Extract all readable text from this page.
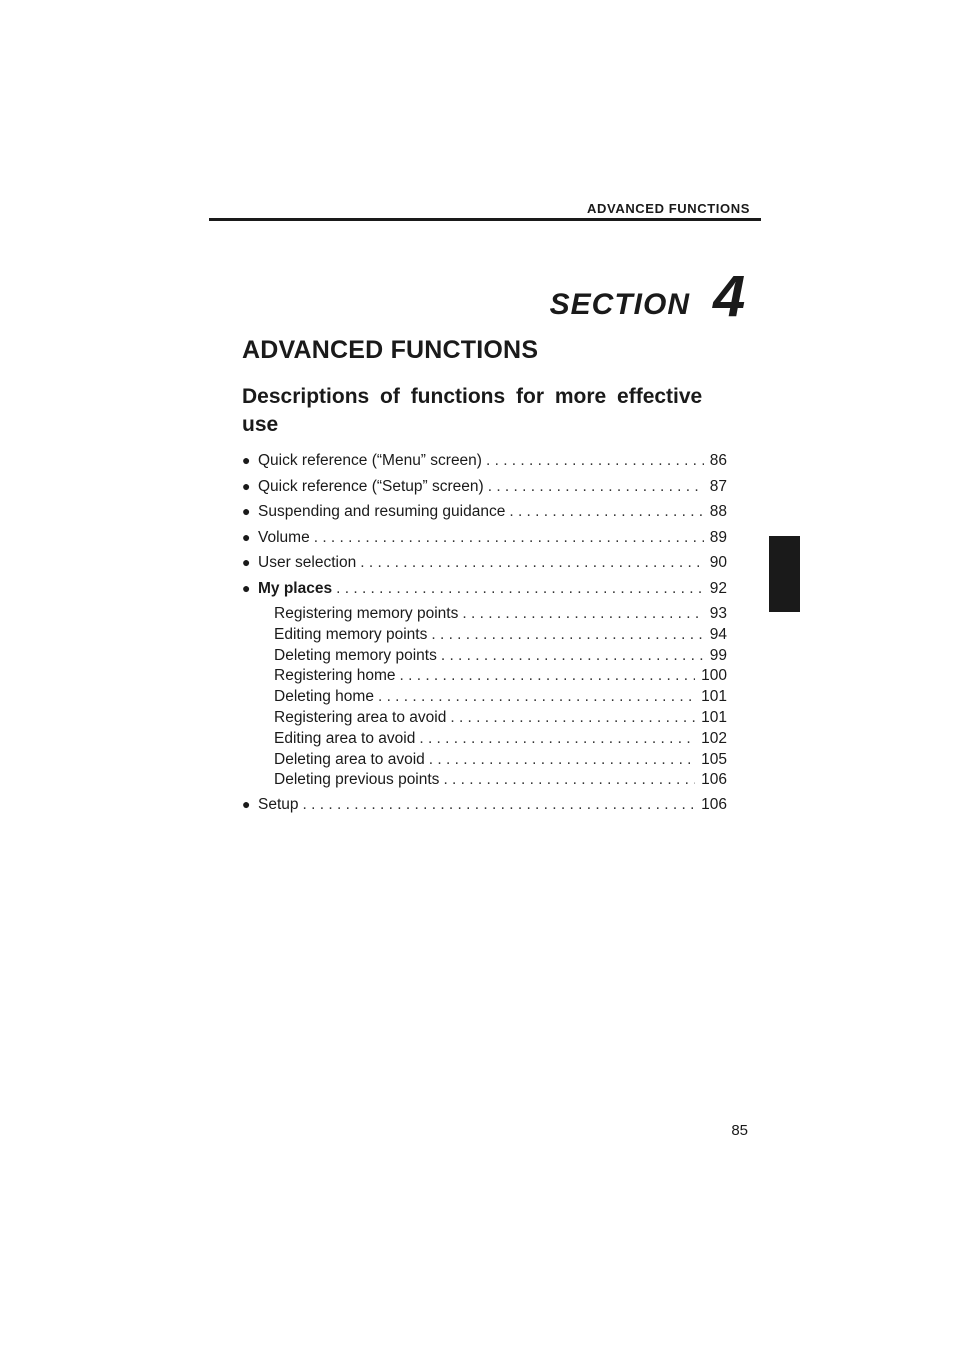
ADVANCED FUNCTIONS
SECTION 4
ADVANCED FUNCTIONS
Descriptions of functions for more effective use
● Quick reference (“Menu” screen) . . .	86
● Quick reference (“Setup” screen) . . .	87
● Suspending and resuming guidance . . .	88
● Volume . . .	89
● User selection . . .	90
● My places . . .	92
Registering memory points . . .	93
Editing memory points . . .	94
Deleting memory points . . .	99
Registering home . . .	100
Deleting home . . .	101
Registering area to avoid . . .	101
Editing area to avoid . . .	102
Deleting area to avoid . . .	105
Deleting previous points . . .	106
● Setup . . .	106
85
